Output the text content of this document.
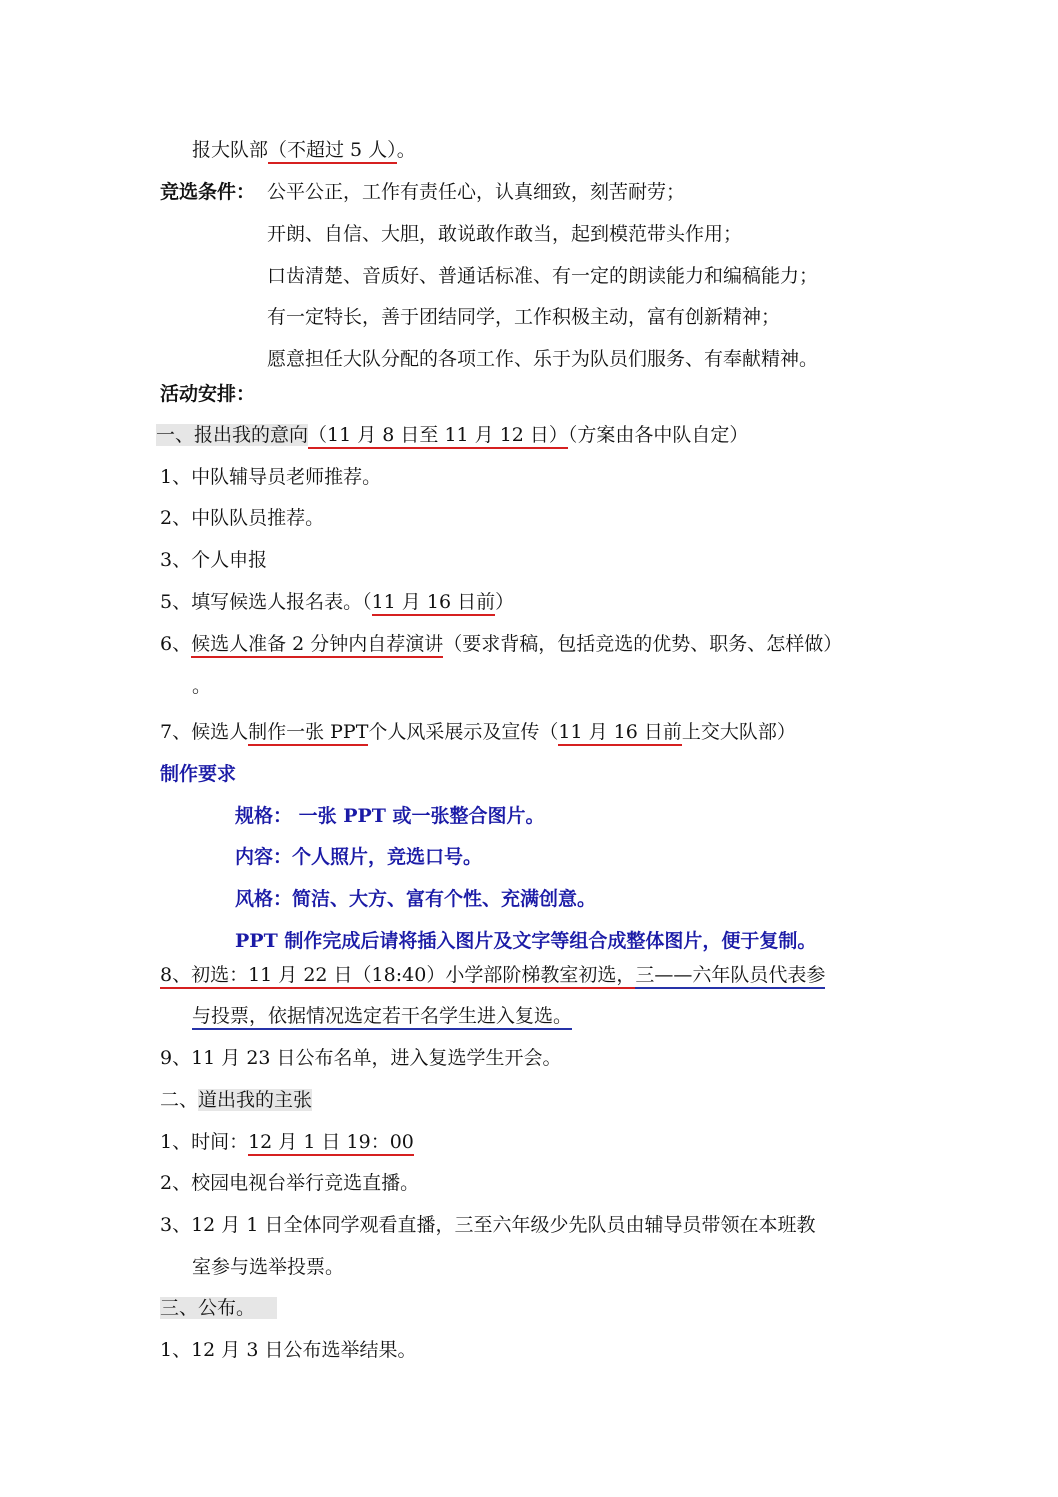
报大队部（不超过 5 人）。
竞选条件： 公平公正，工作有责任心，认真细致，刻苦耐劳；
开朗、自信、大胆，敢说敢作敢当，起到模范带头作用；
口齿清楚、音质好、普通话标准、有一定的朗读能力和编稿能力；
有一定特长，善于团结同学，工作积极主动，富有创新精神；
愿意担任大队分配的各项工作、乐于为队员们服务、有奉献精神。
活动安排：
一、报出我的意向（11 月 8 日至 11 月 12 日）（方案由各中队自定）
1、中队辅导员老师推荐。
2、中队队员推荐。
3、个人申报
5、填写候选人报名表。（11 月 16 日前）
6、候选人准备 2 分钟内自荐演讲（要求背稿，包括竞选的优势、职务、怎样做）
。
7、候选人制作一张 PPT个人风采展示及宣传（11 月 16 日前上交大队部）
制作要求
规格： 一张 PPT 或一张整合图片。
内容：个人照片，竞选口号。
风格：简洁、大方、富有个性、充满创意。
PPT 制作完成后请将插入图片及文字等组合成整体图片，便于复制。
8、初选：11 月 22 日（18:40）小学部阶梯教室初选，三——六年队员代表参
与投票，依据情况选定若干名学生进入复选。
9、11 月 23 日公布名单，进入复选学生开会。
二、道出我的主张
1、时间：12 月 1 日 19：00
2、校园电视台举行竞选直播。
3、12 月 1 日全体同学观看直播，三至六年级少先队员由辅导员带领在本班教
室参与选举投票。
三、公布。
1、12 月 3 日公布选举结果。
